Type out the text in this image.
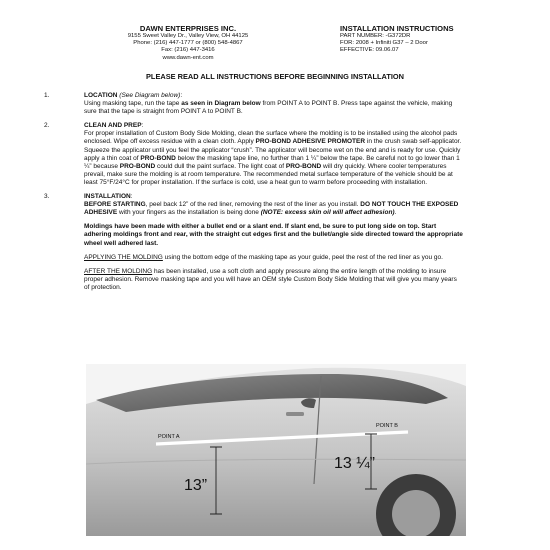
DAWN ENTERPRISES INC.
9155 Sweet Valley Dr., Valley View, OH 44125
Phone: (216) 447-1777 or (800) 548-4867
Fax: (216) 447-3416
www.dawn-ent.com
INSTALLATION INSTRUCTIONS
PART NUMBER: -G372DR
FOR: 2008 + Infiniti G37 – 2 Door
EFFECTIVE: 09.06.07
PLEASE READ ALL INSTRUCTIONS BEFORE BEGINNING INSTALLATION
1.	LOCATION (See Diagram below):
Using masking tape, run the tape as seen in Diagram below from POINT A to POINT B. Press tape against the vehicle, making sure that the tape is straight from POINT A to POINT B.
2.	CLEAN AND PREP:
For proper installation of Custom Body Side Molding, clean the surface where the molding is to be installed using the alcohol pads enclosed. Wipe off excess residue with a clean cloth. Apply PRO-BOND ADHESIVE PROMOTER in the crush swab self-applicator. Squeeze the applicator until you feel the applicator “crush”. The applicator will become wet on the end and is ready for use. Quickly apply a thin coat of PRO-BOND below the masking tape line, no further than 1 ¼” below the tape. Be careful not to go lower than 1 ¼” because PRO-BOND could dull the paint surface. The light coat of PRO-BOND will dry quickly. Where cooler temperatures prevail, make sure the molding is at room temperature. The recommended metal surface temperature of the vehicle should be at least 75°F/24°C for proper installation. If the surface is cold, use a heat gun to warm before proceeding with installation.
3.	INSTALLATION:
BEFORE STARTING, peel back 12” of the red liner, removing the rest of the liner as you install. DO NOT TOUCH THE EXPOSED ADHESIVE with your fingers as the installation is being done (NOTE: excess skin oil will affect adhesion).
Moldings have been made with either a bullet end or a slant end. If slant end, be sure to put long side on top. Start adhering moldings front and rear, with the straight cut edges first and the bullet/angle side directed toward the appropriate wheel well adhered last.
APPLYING THE MOLDING using the bottom edge of the masking tape as your guide, peel the rest of the red liner as you go.
AFTER THE MOLDING has been installed, use a soft cloth and apply pressure along the entire length of the molding to insure proper adhesion. Remove masking tape and you will have an OEM style Custom Body Side Molding that will give you many years of protection.
POINT A
POINT B
13”
13 ¼”
